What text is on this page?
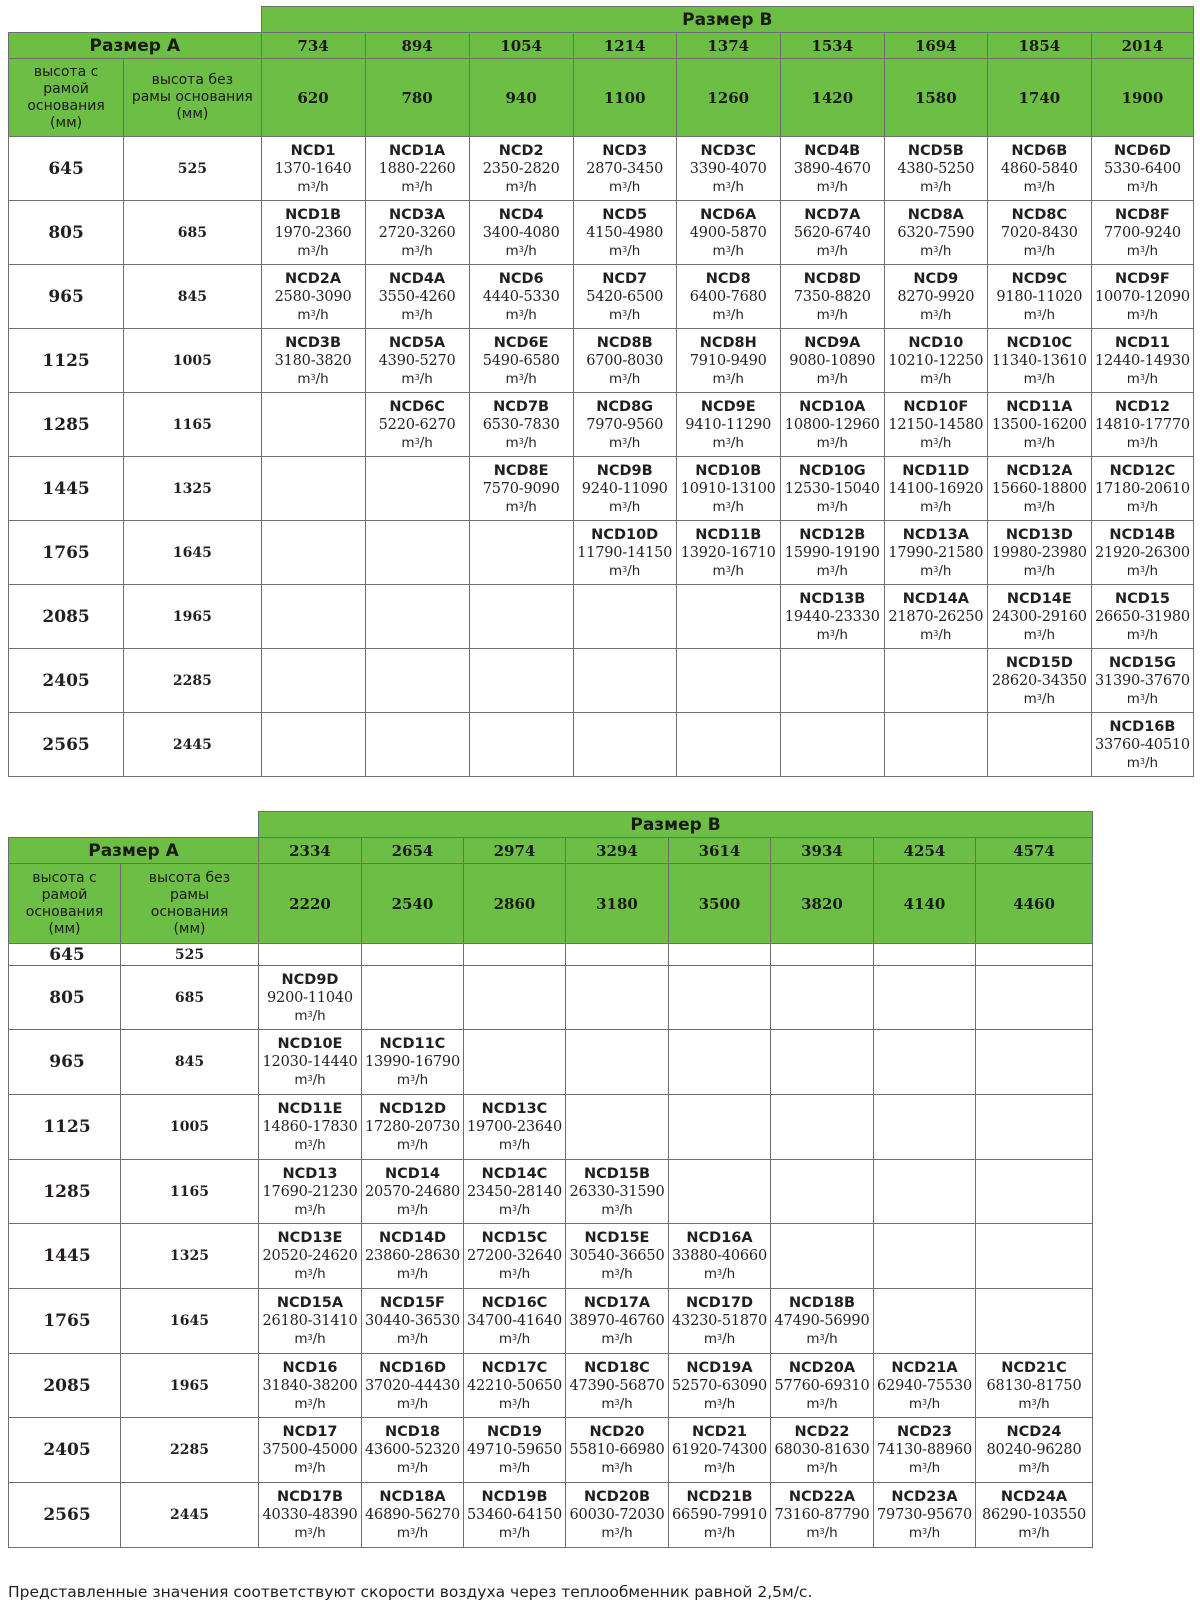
		Размер B								
Размер A		734	894	1054	1214	1374	1534	1694	1854	2014
высота с рамой основания (мм)	высота без рамы основания (мм)	620	780	940	1100	1260	1420	1580	1740	1900
645	525	NCD1
1370-1640
$m^3/h$	NCD1A
1880-2260
$m^3/h$	NCD2
2350-2820
$m^3/h$	NCD3
2870-3450
$m^3/h$	NCD3C
3390-4070
$m^3/h$	NCD4B
3890-4670
$m^3/h$	NCD5B
4380-5250
$m^3/h$	NCD6B
4860-5840
$m^3/h$	NCD6D
5330-6400
$m^3/h$

805	685	NCD1B
1970-2360
$m^3/h$	NCD3A
2720-3260
$m^3/h$	NCD4
3400-4080
$m^3/h$	NCD5
4150-4980
$m^3/h$	NCD6A
4900-5870
$m^3/h$	NCD7A
5620-6740
$m^3/h$	NCD8A
6320-7590
$m^3/h$	NCD8C
7020-8430
$m^3/h$	NCD8F
7700-9240
$m^3/h$

965	845	NCD2A
2580-3090
$m^3/h$	NCD4A
3550-4260
$m^3/h$	NCD6
4440-5330
$m^3/h$	NCD7
5420-6500
$m^3/h$	NCD8
6400-7680
$m^3/h$	NCD8D
7350-8820
$m^3/h$	NCD9
8270-9920
$m^3/h$	NCD9C
9180-11020
$m^3/h$	NCD9F
10070-12090
$m^3/h$

1125	1005	NCD3B
3180-3820
$m^3/h$	NCD5A
4390-5270
$m^3/h$	NCD6E
5490-6580
$m^3/h$	NCD8B
6700-8030
$m^3/h$	NCD8H
7910-9490
$m^3/h$	NCD9A
9080-10890
$m^3/h$	NCD10
10210-12250
$m^3/h$	NCD10C
11340-13610
$m^3/h$	NCD11
12440-14930
$m^3/h$

1285	1165		NCD6C
5220-6270
$m^3/h$	NCD7B
6530-7830
$m^3/h$	NCD8G
7970-9560
$m^3/h$	NCD9E
9410-11290
$m^3/h$	NCD10A
10800-12960
$m^3/h$	NCD10F
12150-14580
$m^3/h$	NCD11A
13500-16200
$m^3/h$	NCD12
14810-17770
$m^3/h$

1445	1325			NCD8E
7570-9090
$m^3/h$	NCD9B
9240-11090
$m^3/h$	NCD10B
10910-13100
$m^3/h$	NCD10G
12530-15040
$m^3/h$	NCD11D
14100-16920
$m^3/h$	NCD12A
15660-18800
$m^3/h$	NCD12C
17180-20610
$m^3/h$

1765	1645				NCD10D
11790-14150
$m^3/h$	NCD11B
13920-16710
$m^3/h$	NCD12B
15990-19190
$m^3/h$	NCD13A
17990-21580
$m^3/h$	NCD13D
19980-23980
$m^3/h$	NCD14B
21920-26300
$m^3/h$

2085	1965						NCD13B
19440-23330
$m^3/h$	NCD14A
21870-26250
$m^3/h$	NCD14E
24300-29160
$m^3/h$	NCD15
26650-31980
$m^3/h$

2405	2285								NCD15D
28620-34350
$m^3/h$	NCD15G
31390-37670
$m^3/h$

2565	2445									NCD16B
33760-40510
$m^3/h$
		Размер B							
Размер A		2334	2654	2974	3294	3614	3934	4254	4574
высота с рамой основания (мм)	высота без рамы основания (мм)	2220	2540	2860	3180	3500	3820	4140	4460
645	525								
805	685	NCD9D
9200-11040
$m^3/h$							

965	845	NCD10E
12030-14440
$m^3/h$	NCD11C
13990-16790
$m^3/h$						

1125	1005	NCD11E
14860-17830
$m^3/h$	NCD12D
17280-20730
$m^3/h$	NCD13C
19700-23640
$m^3/h$					

1285	1165	NCD13
17690-21230
$m^3/h$	NCD14
20570-24680
$m^3/h$	NCD14C
23450-28140
$m^3/h$	NCD15B
26330-31590
$m^3/h$				

1445	1325	NCD13E
20520-24620
$m^3/h$	NCD14D
23860-28630
$m^3/h$	NCD15C
27200-32640
$m^3/h$	NCD15E
30540-36650
$m^3/h$	NCD16A
33880-40660
$m^3/h$			

1765	1645	NCD15A
26180-31410
$m^3/h$	NCD15F
30440-36530
$m^3/h$	NCD16C
34700-41640
$m^3/h$	NCD17A
38970-46760
$m^3/h$	NCD17D
43230-51870
$m^3/h$	NCD18B
47490-56990
$m^3/h$		

2085	1965	NCD16
31840-38200
$m^3/h$	NCD16D
37020-44430
$m^3/h$	NCD17C
42210-50650
$m^3/h$	NCD18C
47390-56870
$m^3/h$	NCD19A
52570-63090
$m^3/h$	NCD20A
57760-69310
$m^3/h$	NCD21A
62940-75530
$m^3/h$	NCD21C
68130-81750
$m^3/h$

2405	2285	NCD17
37500-45000
$m^3/h$	NCD18
43600-52320
$m^3/h$	NCD19
49710-59650
$m^3/h$	NCD20
55810-66980
$m^3/h$	NCD21
61920-74300
$m^3/h$	NCD22
68030-81630
$m^3/h$	NCD23
74130-88960
$m^3/h$	NCD24
80240-96280
$m^3/h$

2565	2445	NCD17B
40330-48390
$m^3/h$	NCD18A
46890-56270
$m^3/h$	NCD19B
53460-64150
$m^3/h$	NCD20B
60030-72030
$m^3/h$	NCD21B
66590-79910
$m^3/h$	NCD22A
73160-87790
$m^3/h$	NCD23A
79730-95670
$m^3/h$	NCD24A
86290-103550
$m^3/h$
Представленные значения соответствуют скорости воздуха через теплообменник равной 2,5м/с.
